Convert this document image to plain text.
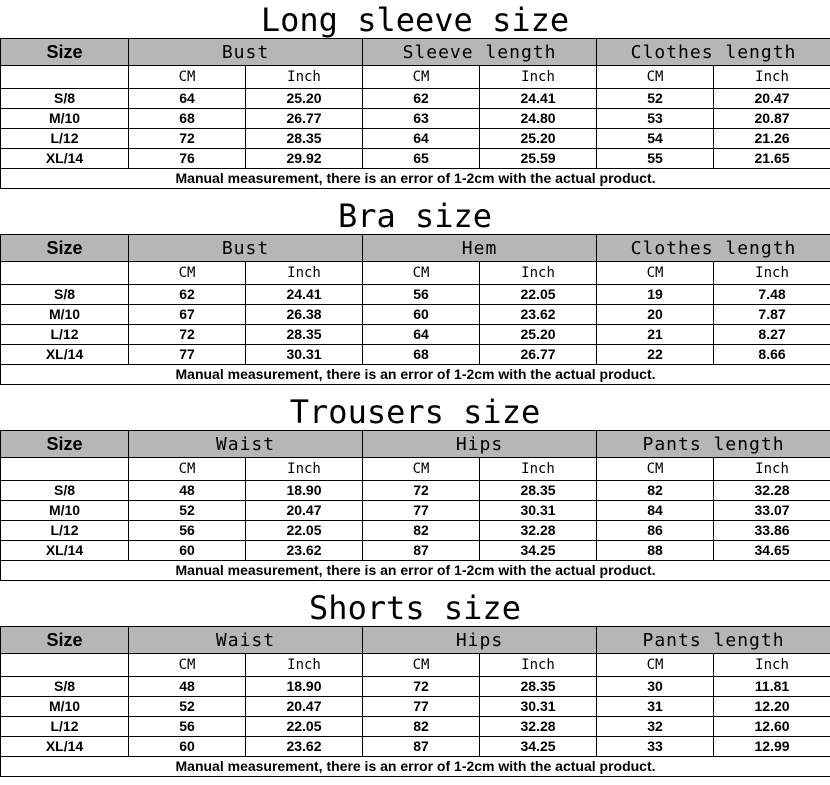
Long sleeve size
Size	Bust		Sleeve length		Clothes length	
	CM	Inch	CM	Inch	CM	Inch
S/8	64	25.20	62	24.41	52	20.47
M/10	68	26.77	63	24.80	53	20.87
L/12	72	28.35	64	25.20	54	21.26
XL/14	76	29.92	65	25.59	55	21.65
Manual measurement, there is an error of 1-2cm with the actual product.						
Bra size
Size	Bust		Hem		Clothes length	
	CM	Inch	CM	Inch	CM	Inch
S/8	62	24.41	56	22.05	19	7.48
M/10	67	26.38	60	23.62	20	7.87
L/12	72	28.35	64	25.20	21	8.27
XL/14	77	30.31	68	26.77	22	8.66
Manual measurement, there is an error of 1-2cm with the actual product.						
Trousers size
Size	Waist		Hips		Pants length	
	CM	Inch	CM	Inch	CM	Inch
S/8	48	18.90	72	28.35	82	32.28
M/10	52	20.47	77	30.31	84	33.07
L/12	56	22.05	82	32.28	86	33.86
XL/14	60	23.62	87	34.25	88	34.65
Manual measurement, there is an error of 1-2cm with the actual product.						
Shorts size
Size	Waist		Hips		Pants length	
	CM	Inch	CM	Inch	CM	Inch
S/8	48	18.90	72	28.35	30	11.81
M/10	52	20.47	77	30.31	31	12.20
L/12	56	22.05	82	32.28	32	12.60
XL/14	60	23.62	87	34.25	33	12.99
Manual measurement, there is an error of 1-2cm with the actual product.						
